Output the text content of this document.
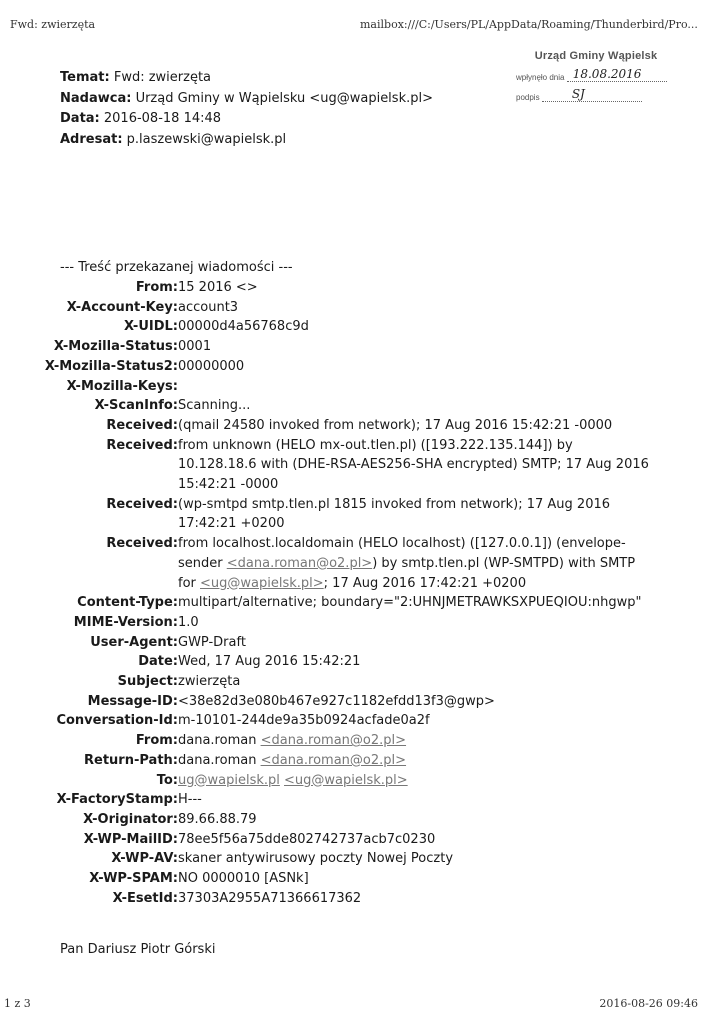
Fwd: zwierzęta	mailbox:///C:/Users/PL/AppData/Roaming/Thunderbird/Pro...
Urząd Gminy Wąpielsk
wpłynęło dnia 18.08.2016
podpis	SJ
Temat: Fwd: zwierzęta
Nadawca: Urząd Gminy w Wąpielsku <ug@wapielsk.pl>
Data: 2016-08-18 14:48
Adresat: p.laszewski@wapielsk.pl
--- Treść przekazanej wiadomości ---
From: 15 2016 <>
X-Account-Key: account3
X-UIDL: 00000d4a56768c9d
X-Mozilla-Status: 0001
X-Mozilla-Status2: 00000000
X-Mozilla-Keys:
X-ScanInfo: Scanning...
Received: (qmail 24580 invoked from network); 17 Aug 2016 15:42:21 -0000
Received: from unknown (HELO mx-out.tlen.pl) ([193.222.135.144]) by
10.128.18.6 with (DHE-RSA-AES256-SHA encrypted) SMTP; 17 Aug 2016
15:42:21 -0000
Received: (wp-smtpd smtp.tlen.pl 1815 invoked from network); 17 Aug 2016
17:42:21 +0200
Received: from localhost.localdomain (HELO localhost) ([127.0.0.1]) (envelope-
sender <dana.roman@o2.pl>) by smtp.tlen.pl (WP-SMTPD) with SMTP
for <ug@wapielsk.pl>; 17 Aug 2016 17:42:21 +0200
Content-Type: multipart/alternative; boundary="2:UHNJMETRAWKSXPUEQIOU:nhgwp"
MIME-Version: 1.0
User-Agent: GWP-Draft
Date: Wed, 17 Aug 2016 15:42:21
Subject: zwierzęta
Message-ID: <38e82d3e080b467e927c1182efdd13f3@gwp>
Conversation-Id: m-10101-244de9a35b0924acfade0a2f
From: dana.roman <dana.roman@o2.pl>
Return-Path: dana.roman <dana.roman@o2.pl>
To: ug@wapielsk.pl <ug@wapielsk.pl>
X-FactoryStamp: H---
X-Originator: 89.66.88.79
X-WP-MailID: 78ee5f56a75dde802742737acb7c0230
X-WP-AV: skaner antywirusowy poczty Nowej Poczty
X-WP-SPAM: NO 0000010 [ASNk]
X-EsetId: 37303A2955A71366617362
Pan Dariusz Piotr Górski
1 z 3	2016-08-26 09:46
